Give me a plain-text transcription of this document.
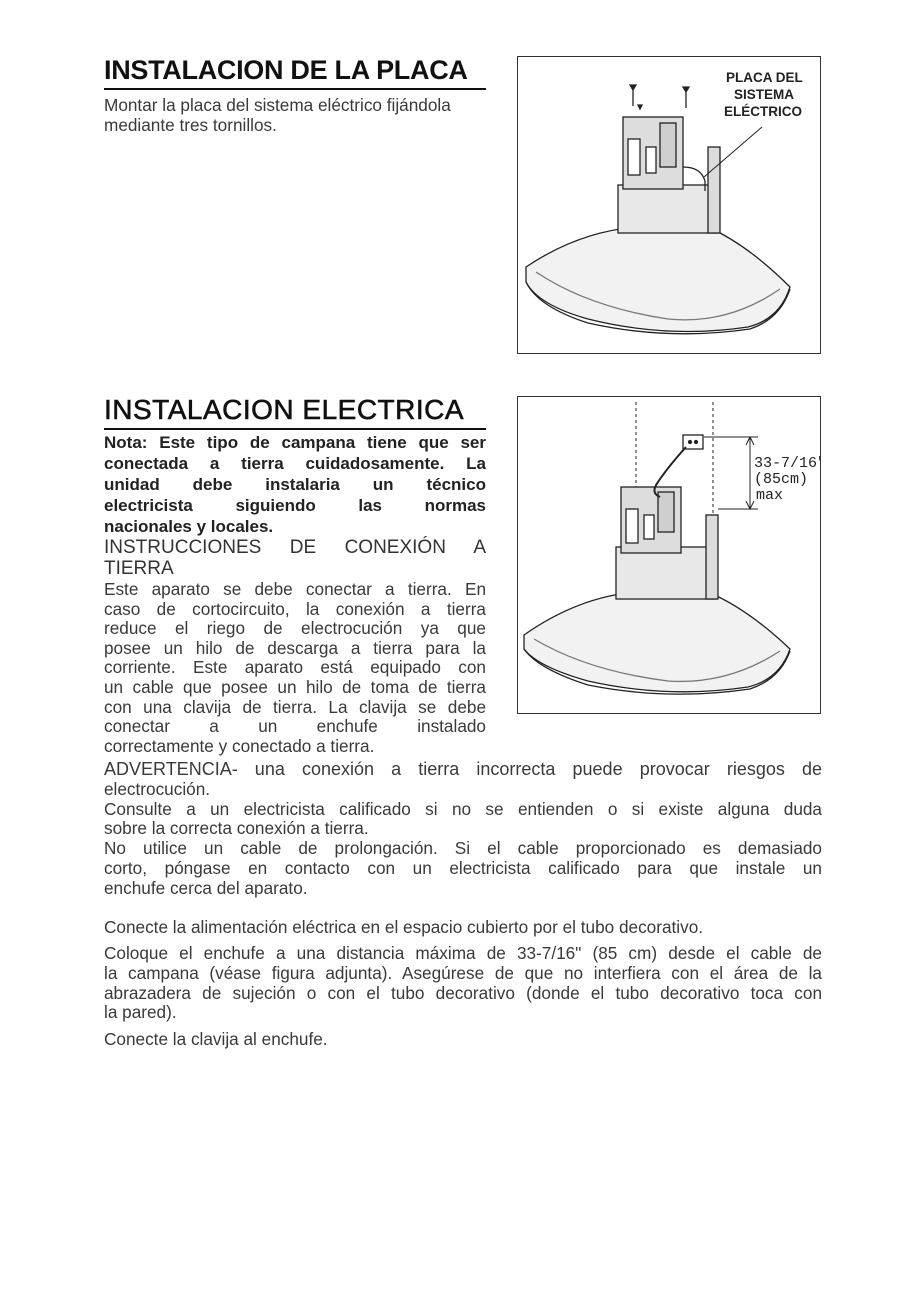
INSTALACION DE LA PLACA
Montar la placa del sistema eléctrico fijándola
mediante tres tornillos.
PLACA DEL
SISTEMA
ELÉCTRICO
INSTALACION ELECTRICA
Nota: Este tipo de campana tiene que ser
conectada a tierra cuidadosamente. La
unidad debe instalaria un técnico
electricista siguiendo las normas
nacionales y locales.
INSTRUCCIONES DE CONEXIÓN A
TIERRA
Este aparato se debe conectar a tierra. En
caso de cortocircuito, la conexión a tierra
reduce el riego de electrocución ya que
posee un hilo de descarga a tierra para la
corriente. Este aparato está equipado con
un cable que posee un hilo de toma de tierra
con una clavija de tierra. La clavija se debe
conectar a un enchufe instalado
correctamente y conectado a tierra.
33-7/16"
(85cm)
max
ADVERTENCIA- una conexión a tierra incorrecta puede provocar riesgos de
electrocución.
Consulte a un electricista calificado si no se entienden o si existe alguna duda
sobre la correcta conexión a tierra.
No utilice un cable de prolongación. Si el cable proporcionado es demasiado
corto, póngase en contacto con un electricista calificado para que instale un
enchufe cerca del aparato.
Conecte la alimentación eléctrica en el espacio cubierto por el tubo decorativo.
Coloque el enchufe a una distancia máxima de 33-7/16" (85 cm) desde el cable de
la campana (véase figura adjunta). Asegúrese de que no interfiera con el área de la
abrazadera de sujeción o con el tubo decorativo (donde el tubo decorativo toca con
la pared).
Conecte la clavija al enchufe.
